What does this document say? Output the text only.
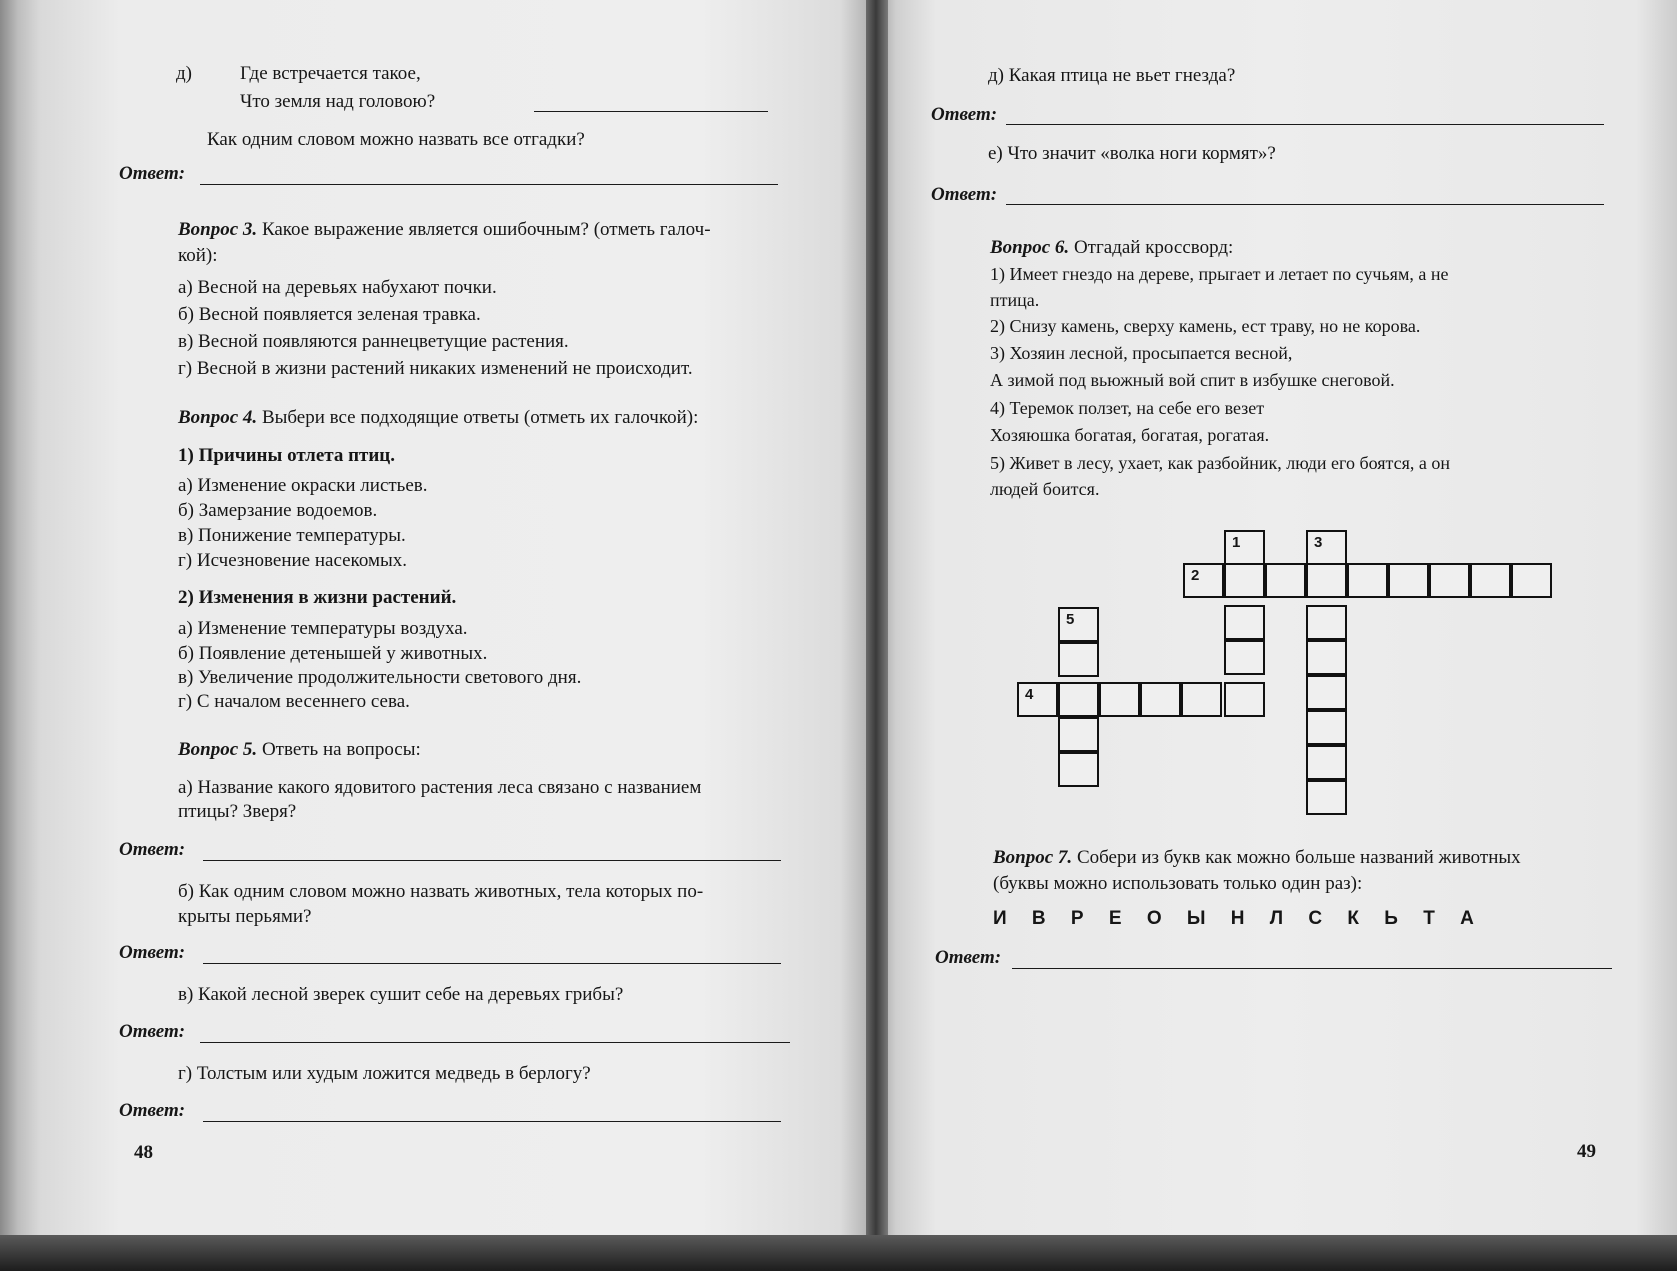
д)	Где встречается такое,
Что земля над головою?
Как одним словом можно назвать все отгадки?
Ответ:
Вопрос 3. Какое выражение является ошибочным? (отметь галоч-
кой):
а) Весной на деревьях набухают почки.
б) Весной появляется зеленая травка.
в) Весной появляются раннецветущие растения.
г) Весной в жизни растений никаких изменений не происходит.
Вопрос 4. Выбери все подходящие ответы (отметь их галочкой):
1) Причины отлета птиц.
а) Изменение окраски листьев.
б) Замерзание водоемов.
в) Понижение температуры.
г) Исчезновение насекомых.
2) Изменения в жизни растений.
а) Изменение температуры воздуха.
б) Появление детенышей у животных.
в) Увеличение продолжительности светового дня.
г) С началом весеннего сева.
Вопрос 5. Ответь на вопросы:
а) Название какого ядовитого растения леса связано с названием
птицы? Зверя?
Ответ:
б) Как одним словом можно назвать животных, тела которых по-
крыты перьями?
Ответ:
в) Какой лесной зверек сушит себе на деревьях грибы?
Ответ:
г) Толстым или худым ложится медведь в берлогу?
Ответ:
48
д) Какая птица не вьет гнезда?
Ответ:
е) Что значит «волка ноги кормят»?
Ответ:
Вопрос 6. Отгадай кроссворд:
1) Имеет гнездо на дереве, прыгает и летает по сучьям, а не
птица.
2) Снизу камень, сверху камень, ест траву, но не корова.
3) Хозяин лесной, просыпается весной,
А зимой под вьюжный вой спит в избушке снеговой.
4) Теремок ползет, на себе его везет
Хозяюшка богатая, богатая, рогатая.
5) Живет в лесу, ухает, как разбойник, люди его боятся, а он
людей боится.
1
2
3
4
5
Вопрос 7. Собери из букв как можно больше названий животных
(буквы можно использовать только один раз):
И В Р Е О Ы Н Л С К Ь Т А
Ответ:
49
